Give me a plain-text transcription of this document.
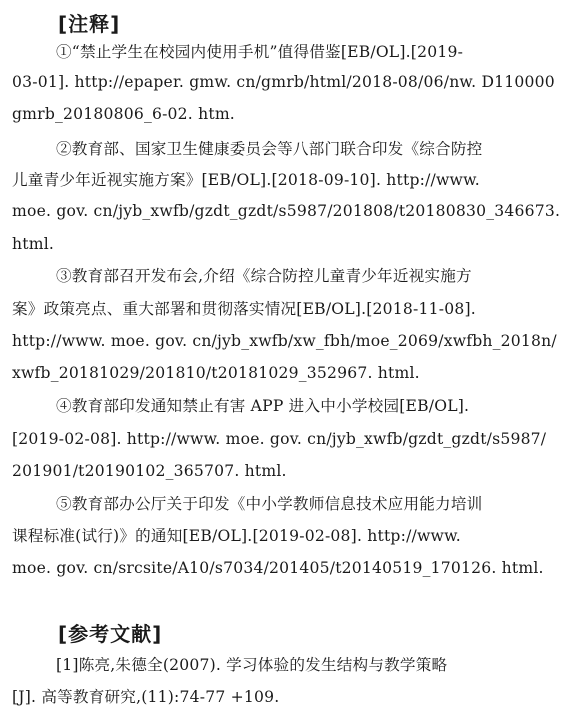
[注释]
①“禁止学生在校园内使用手机”值得借鉴[EB/OL].[2019-
03-01]. http://epaper. gmw. cn/gmrb/html/2018-08/06/nw. D110000
gmrb_20180806_6-02. htm.
②教育部、国家卫生健康委员会等八部门联合印发《综合防控
儿童青少年近视实施方案》[EB/OL].[2018-09-10]. http://www.
moe. gov. cn/jyb_xwfb/gzdt_gzdt/s5987/201808/t20180830_346673.
html.
③教育部召开发布会,介绍《综合防控儿童青少年近视实施方
案》政策亮点、重大部署和贯彻落实情况[EB/OL].[2018-11-08].
http://www. moe. gov. cn/jyb_xwfb/xw_fbh/moe_2069/xwfbh_2018n/
xwfb_20181029/201810/t20181029_352967. html.
④教育部印发通知禁止有害 APP 进入中小学校园[EB/OL].
[2019-02-08]. http://www. moe. gov. cn/jyb_xwfb/gzdt_gzdt/s5987/
201901/t20190102_365707. html.
⑤教育部办公厅关于印发《中小学教师信息技术应用能力培训
课程标准(试行)》的通知[EB/OL].[2019-02-08]. http://www.
moe. gov. cn/srcsite/A10/s7034/201405/t20140519_170126. html.
[参考文献]
[1]陈亮,朱德全(2007). 学习体验的发生结构与教学策略
[J]. 高等教育研究,(11):74-77 +109.
